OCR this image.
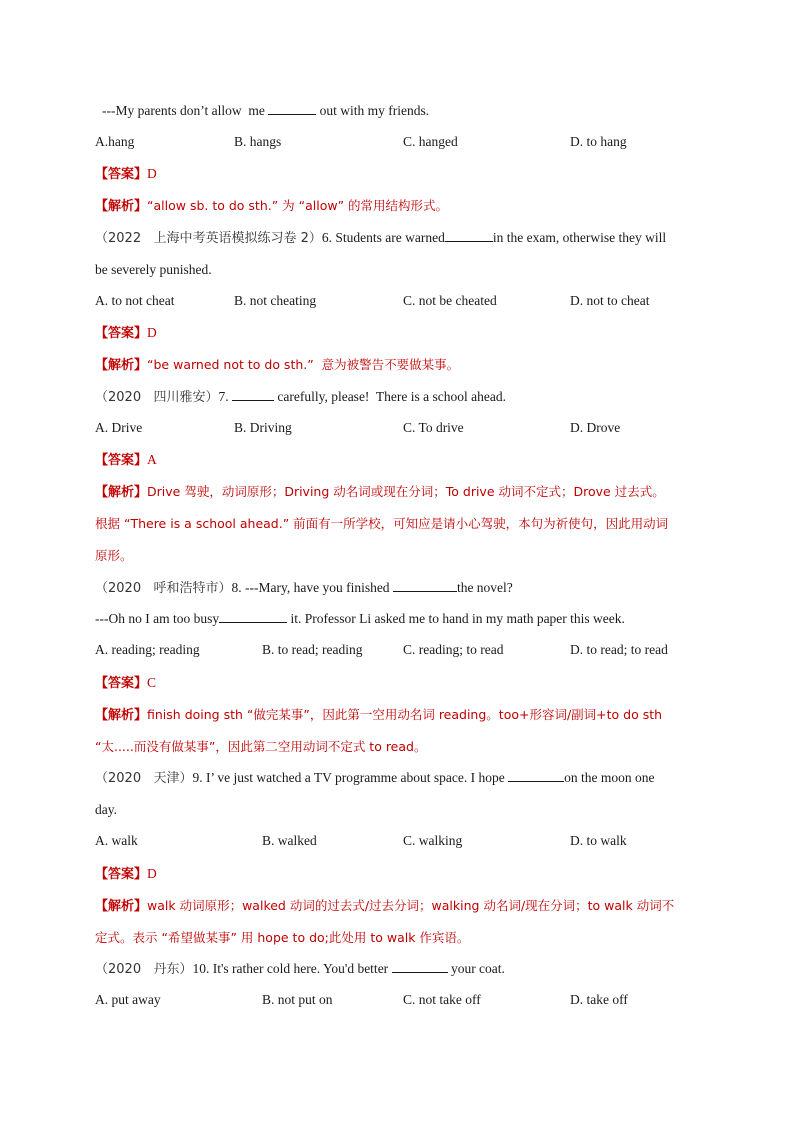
---My parents don’t allow  me	out with my friends.
A.hang	B. hangs	C. hanged	D. to hang
【答案】D
【解析】“allow sb. to do sth.” 为 “allow” 的常用结构形式。
（2022   上海中考英语模拟练习卷 2）6. Students are warned	in the exam, otherwise they will
be severely punished.
A. to not cheat	B. not cheating	C. not be cheated	D. not to cheat
【答案】D
【解析】“be warned not to do sth.”  意为被警告不要做某事。
（2020   四川雅安）7.	carefully, please!  There is a school ahead.
A. Drive	B. Driving	C. To drive	D. Drove
【答案】A
【解析】Drive 驾驶，动词原形；Driving 动名词或现在分词；To drive 动词不定式；Drove 过去式。
根据 “There is a school ahead.” 前面有一所学校，可知应是请小心驾驶，本句为祈使句，因此用动词
原形。
（2020   呼和浩特市）8. ---Mary, have you finished	the novel?
---Oh no I am too busy	it. Professor Li asked me to hand in my math paper this week.
A. reading; reading	B. to read; reading	C. reading; to read	D. to read; to read
【答案】C
【解析】finish doing sth “做完某事”，因此第一空用动名词 reading。too+形容词/副词+to do sth
“太.....而没有做某事”，因此第二空用动词不定式 to read。
（2020   天津）9. I’ ve just watched a TV programme about space. I hope	on the moon one
day.
A. walk	B. walked	C. walking	D. to walk
【答案】D
【解析】walk 动词原形；walked 动词的过去式/过去分词；walking 动名词/现在分词；to walk 动词不
定式。表示 “希望做某事” 用 hope to do;此处用 to walk 作宾语。
（2020   丹东）10. It's rather cold here. You'd better	your coat.
A. put away	B. not put on	C. not take off	D. take off
